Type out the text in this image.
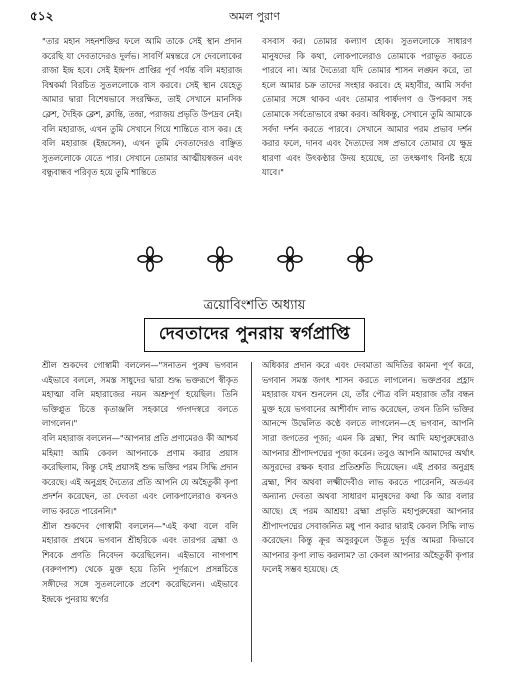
৫১২	অমল পুরাণ

"তার মহান সহনশক্তির ফলে আমি তাকে সেই স্থান প্রদান করেছি যা দেবতাদেরও দুর্লভ। সাবর্ণি মন্বন্তরে সে দেবলোকের রাজা ইন্দ্র হবে। সেই ইন্দ্রপদ প্রাপ্তির পূর্ব পর্যন্ত বলি মহারাজ বিশ্বকর্মা বিরচিত সুতললোকে বাস করবে। সেই স্থান যেহেতু আমার দ্বারা বিশেষভাবে সংরক্ষিত, তাই সেখানে মানসিক ক্লেশ, দৈহিক ক্লেশ, ক্লান্তি, তন্দ্রা, পরাজয় প্রভৃতি উপদ্রব নেই। বলি মহারাজ, এখন তুমি সেখানে গিয়ে শান্তিতে বাস কর। হে বলি মহারাজ (ইন্দ্রসেন), এখন তুমি দেবতাদেরও বাঞ্ছিত সুতললোকে যেতে পার। সেখানে তোমার আত্মীয়স্বজন এবং বন্ধুবান্ধব পরিবৃত হয়ে তুমি শান্তিতে

বসবাস কর। তোমার কল্যাণ হোক। সুতললোকে সাধারণ মানুষদের কি কথা, লোকপালেরাও তোমাকে পরাভূত করতে পারবে না। আর দৈত্যেরা যদি তোমার শাসন লঙ্ঘন করে, তা হলে আমার চক্র তাদের সংহার করবে। হে মহাবীর, আমি সর্বদা তোমার সঙ্গে থাকব এবং তোমার পার্ষদগণ ও উপকরণ সহ তোমাকে সর্বতোভাবে রক্ষা করব। অধিকন্তু, সেখানে তুমি আমাকে সর্বদা দর্শন করতে পারবে। সেখানে আমার পরম প্রভাব দর্শন করার ফলে, দানব এবং দৈত্যদের সঙ্গ প্রভাবে তোমার যে ক্ষুদ্র ধারণা এবং উৎকণ্ঠার উদয় হয়েছে, তা তৎক্ষণাৎ বিনষ্ট হয়ে যাবে।"

ত্রয়োবিংশতি অধ্যায়
দেবতাদের পুনরায় স্বর্গপ্রাপ্তি

শ্রীল শুকদেব গোস্বামী বললেন—"সনাতন পুরুষ ভগবান এইভাবে বললে, সমস্ত সাধুদের দ্বারা শুদ্ধ ভক্তরূপে স্বীকৃত মহাত্মা বলি মহারাজের নয়ন অশ্রুপূর্ণ হয়েছিল। তিনি ভক্তিপ্লুত চিত্তে কৃতাঞ্জলি সহকারে গদগদস্বরে বলতে লাগলেন।"

বলি মহারাজ বললেন—"আপনার প্রতি প্রণামেরও কী আশ্চর্য মহিমা! আমি কেবল আপনাকে প্রণাম করার প্রয়াস করেছিলাম, কিন্তু সেই প্রয়াসই শুদ্ধ ভক্তির পরম সিদ্ধি প্রদান করেছে। এই অনুগ্রহ দৈত্যের প্রতি আপনি যে অহৈতুকী কৃপা প্রদর্শন করেছেন, তা দেবতা এবং লোকপালেরাও কখনও লাভ করতে পারেননি।"

শ্রীল শুকদেব গোস্বামী বললেন—"এই কথা বলে বলি মহারাজ প্রথমে ভগবান শ্রীহরিকে এবং তারপর ব্রহ্মা ও শিবকে প্রণতি নিবেদন করেছিলেন। এইভাবে নাগপাশ (বরুণপাশ) থেকে মুক্ত হয়ে তিনি পূর্ণরূপে প্রসন্নচিত্তে সঙ্গীদের সঙ্গে সুতললোকে প্রবেশ করেছিলেন। এইভাবে ইন্দ্রকে পুনরায় স্বর্গের

অধিকার প্রদান করে এবং দেবমাতা অদিতির কামনা পূর্ণ করে, ভগবান সমস্ত জগৎ শাসন করতে লাগলেন। ভক্তপ্রবর প্রহ্লাদ মহারাজ যখন শুনলেন যে, তাঁর পৌত্র বলি মহারাজ তাঁর বন্ধন মুক্ত হয়ে ভগবানের আশীর্বাদ লাভ করেছেন, তখন তিনি ভক্তির আনন্দে উদ্বেলিত কণ্ঠে বলতে লাগলেন—হে ভগবান, আপনি সারা জগতের পূজ্য; এমন কি ব্রহ্মা, শিব আদি মহাপুরুষেরাও আপনার শ্রীপাদপদ্মের পূজা করেন। তবুও আপনি আমাদের অর্থাৎ অসুরদের রক্ষক হবার প্রতিশ্রুতি দিয়েছেন। এই প্রকার অনুগ্রহ ব্রহ্মা, শিব অথবা লক্ষ্মীদেবীও লাভ করতে পারেননি, অতএব অন্যান্য দেবতা অথবা সাধারণ মানুষদের কথা কি আর বলার আছে। হে পরম আশ্রয়! ব্রহ্মা প্রভৃতি মহাপুরুষেরা আপনার শ্রীপাদপদ্মের সেবাজনিত মধু পান করার দ্বারাই কেবল সিদ্ধি লাভ করেছেন। কিন্তু ক্রূর অসুরকুলে উদ্ভূত দুর্বৃত্ত আমরা কিভাবে আপনার কৃপা লাভ করলাম? তা কেবল আপনার অহৈতুকী কৃপার ফলেই সম্ভব হয়েছে। হে
